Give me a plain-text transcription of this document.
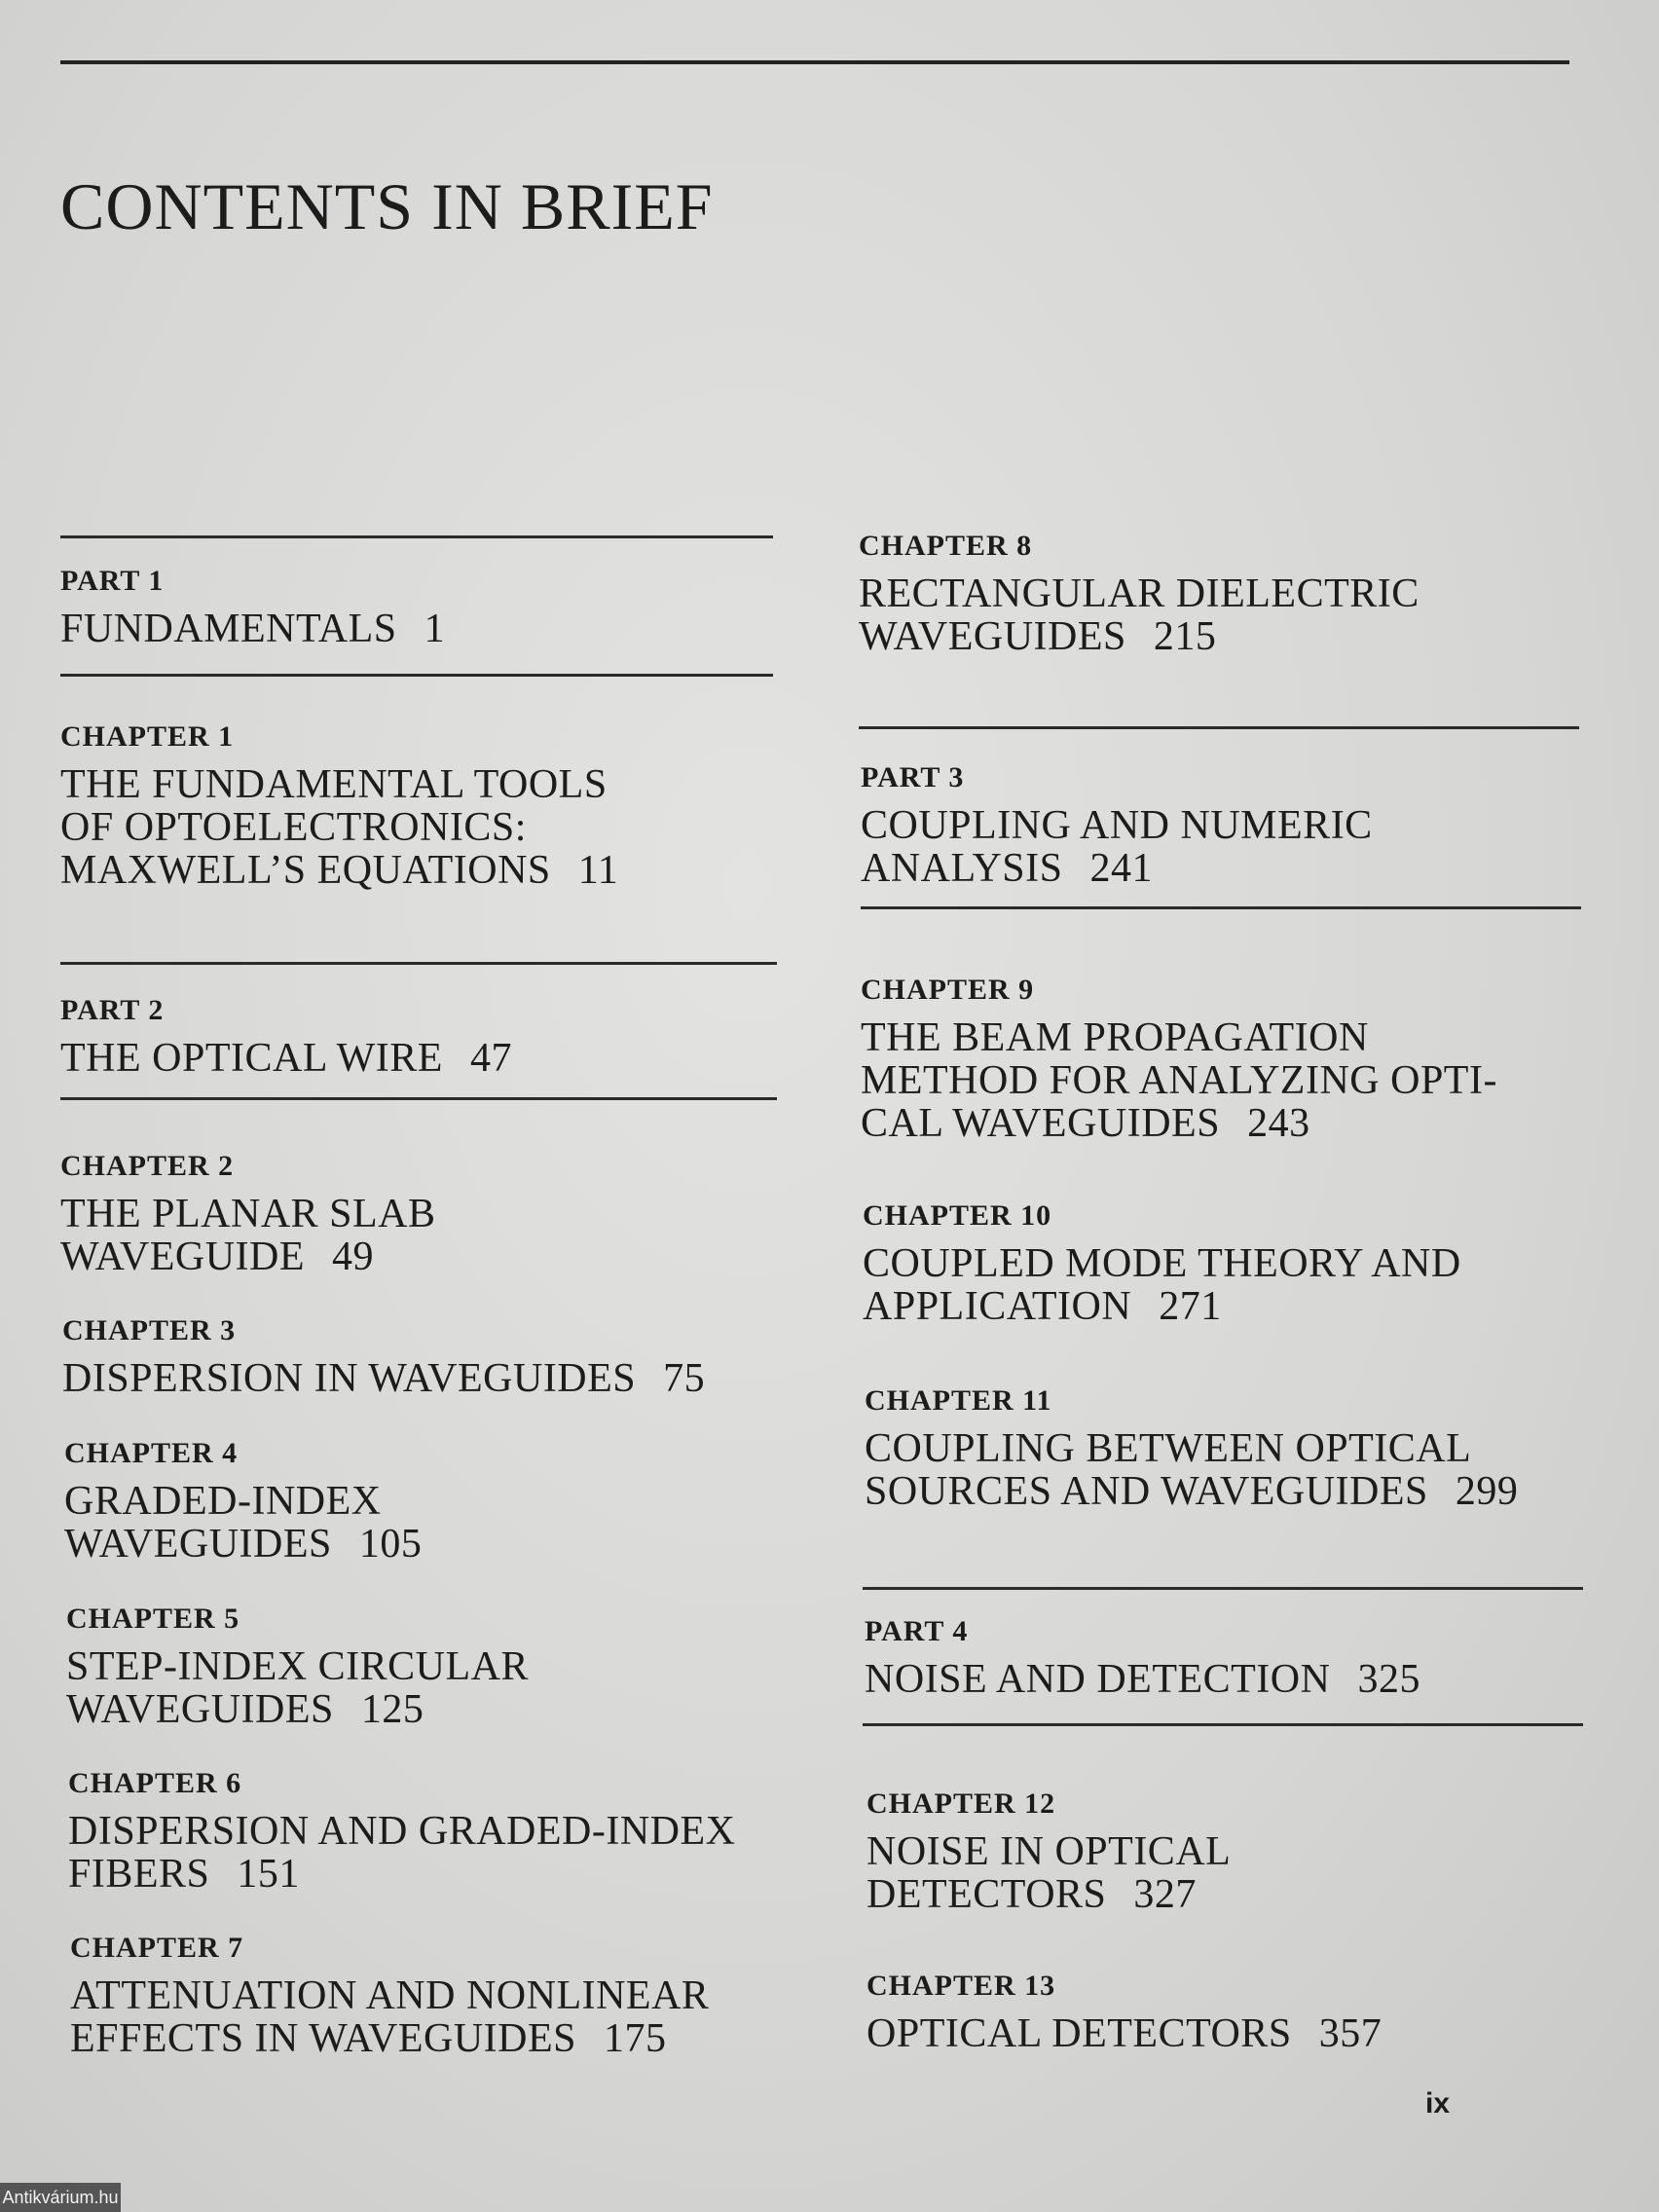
CONTENTS IN BRIEF
PART 1
FUNDAMENTALS 1
CHAPTER 1
THE FUNDAMENTAL TOOLS
OF OPTOELECTRONICS:
MAXWELL’S EQUATIONS 11
PART 2
THE OPTICAL WIRE 47
CHAPTER 2
THE PLANAR SLAB
WAVEGUIDE 49
CHAPTER 3
DISPERSION IN WAVEGUIDES 75
CHAPTER 4
GRADED-INDEX
WAVEGUIDES 105
CHAPTER 5
STEP-INDEX CIRCULAR
WAVEGUIDES 125
CHAPTER 6
DISPERSION AND GRADED-INDEX
FIBERS 151
CHAPTER 7
ATTENUATION AND NONLINEAR
EFFECTS IN WAVEGUIDES 175
CHAPTER 8
RECTANGULAR DIELECTRIC
WAVEGUIDES 215
PART 3
COUPLING AND NUMERIC
ANALYSIS 241
CHAPTER 9
THE BEAM PROPAGATION
METHOD FOR ANALYZING OPTI-
CAL WAVEGUIDES 243
CHAPTER 10
COUPLED MODE THEORY AND
APPLICATION 271
CHAPTER 11
COUPLING BETWEEN OPTICAL
SOURCES AND WAVEGUIDES 299
PART 4
NOISE AND DETECTION 325
CHAPTER 12
NOISE IN OPTICAL
DETECTORS 327
CHAPTER 13
OPTICAL DETECTORS 357
ix
Antikvárium.hu
